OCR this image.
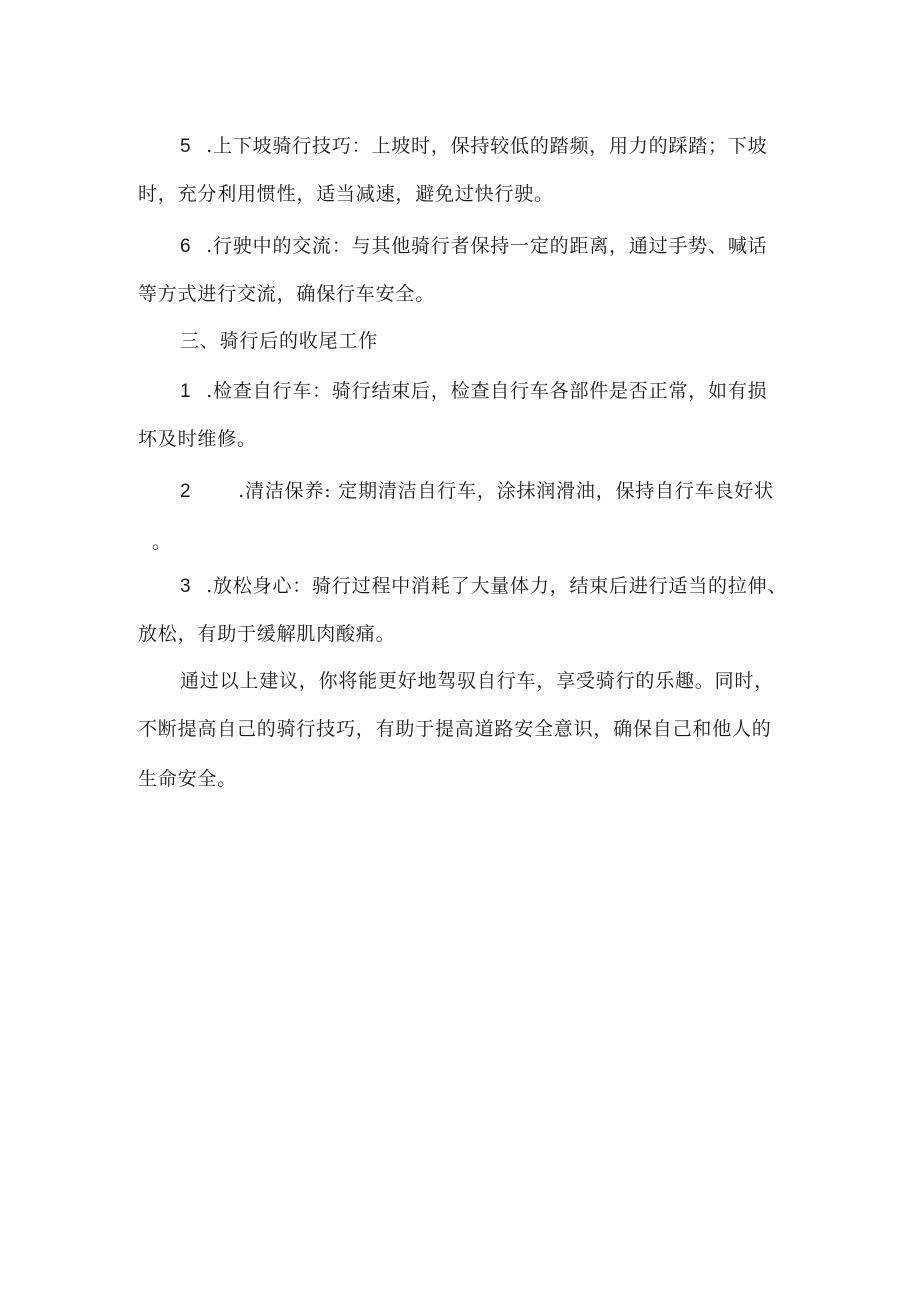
5 .上下坡骑行技巧：上坡时，保持较低的踏频，用力的踩踏；下坡
时，充分利用惯性，适当减速，避免过快行驶。
6 .行驶中的交流：与其他骑行者保持一定的距离，通过手势、喊话
等方式进行交流，确保行车安全。
三、骑行后的收尾工作
1 .检查自行车：骑行结束后，检查自行车各部件是否正常，如有损
坏及时维修。
2 .清洁保养: 定期清洁自行车，涂抹润滑油，保持自行车良好状
。
3 .放松身心：骑行过程中消耗了大量体力，结束后进行适当的拉伸、
放松，有助于缓解肌肉酸痛。
通过以上建议，你将能更好地驾驭自行车，享受骑行的乐趣。同时，
不断提高自己的骑行技巧，有助于提高道路安全意识，确保自己和他人的
生命安全。
